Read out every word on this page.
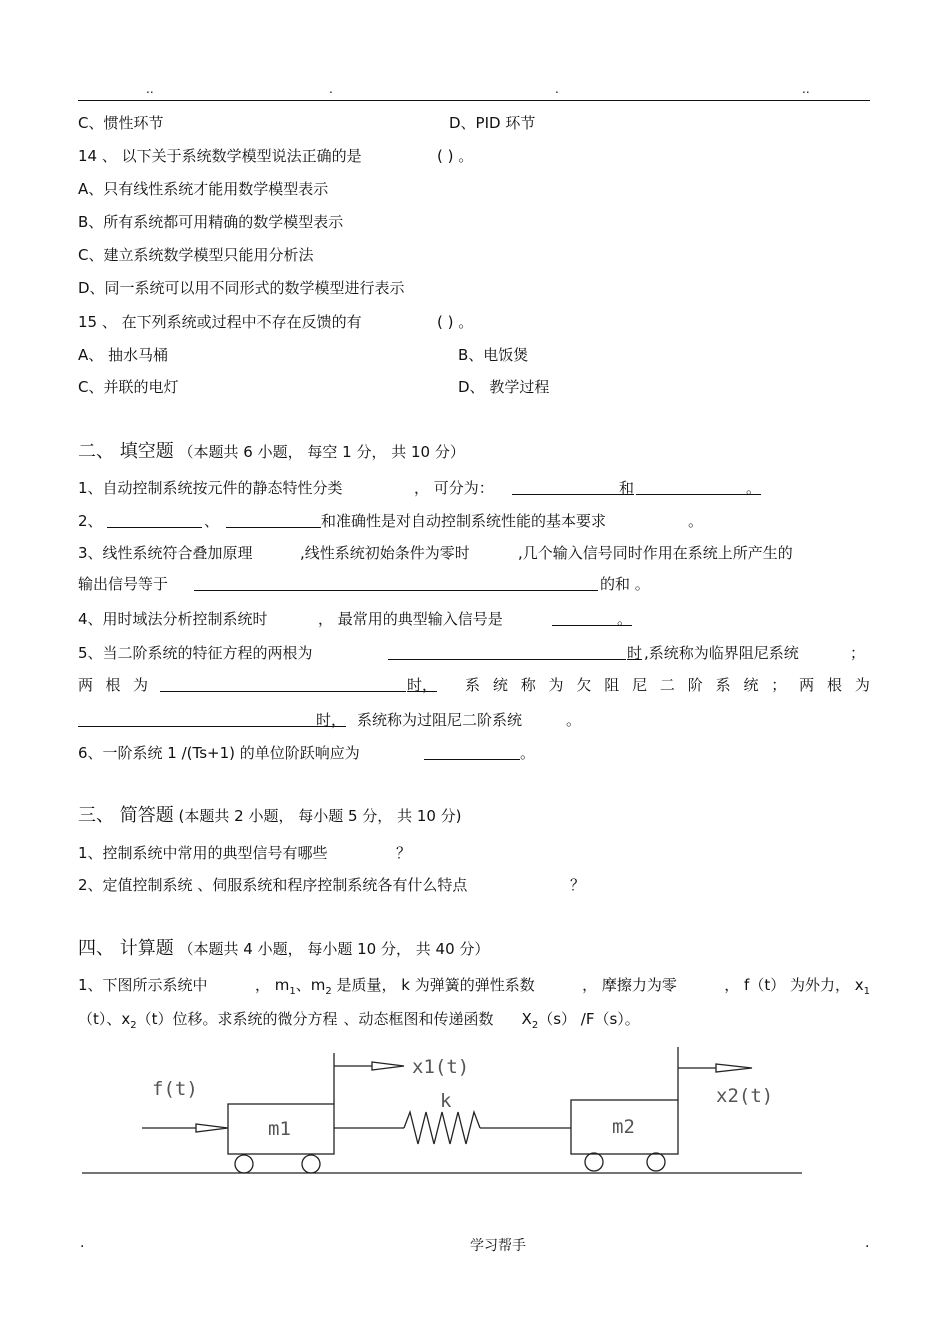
..	.	.	..
C、惯性环节	D、PID 环节
14 、 以下关于系统数学模型说法正确的是	( ) 。
A、只有线性系统才能用数学模型表示
B、所有系统都可用精确的数学模型表示
C、建立系统数学模型只能用分析法
D、同一系统可以用不同形式的数学模型进行表示
15 、 在下列系统或过程中不存在反馈的有	( ) 。
A、 抽水马桶	B、电饭煲
C、并联的电灯	D、 教学过程
二、 填空题 （本题共 6 小题， 每空 1 分， 共 10 分）
1、自动控制系统按元件的静态特性分类	， 可分为：	和	。
2、	、	和准确性是对自动控制系统性能的基本要求	。
3、线性系统符合叠加原理	,线性系统初始条件为零时	,几个输入信号同时作用在系统上所产生的
输出信号等于	的和 。
4、用时域法分析控制系统时	， 最常用的典型输入信号是	。
5、当二阶系统的特征方程的两根为	时 ,系统称为临界阻尼系统	；
两 根 为	时， 系 统 称 为 欠 阻 尼 二 阶 系 统 ； 两 根 为
时， 系统称为过阻尼二阶系统	。
6、一阶系统 1 /(Ts+1) 的单位阶跃响应为	。
三、 简答题 (本题共 2 小题， 每小题 5 分， 共 10 分)
1、控制系统中常用的典型信号有哪些	？
2、定值控制系统 、伺服系统和程序控制系统各有什么特点	？
四、 计算题 （本题共 4 小题， 每小题 10 分， 共 40 分）
1、下图所示系统中	， $m_1$、$m_2$ 是质量， k 为弹簧的弹性系数	， 摩擦力为零	， f（t） 为外力， $x_1$
（t）、$x_2(t)$位移。求系统的微分方程 、动态框图和传递函数 $X_2(s)$ /F（s）。
f(t)
x1(t)
k
m1	m2
x2(t)
.	学习帮手	.
